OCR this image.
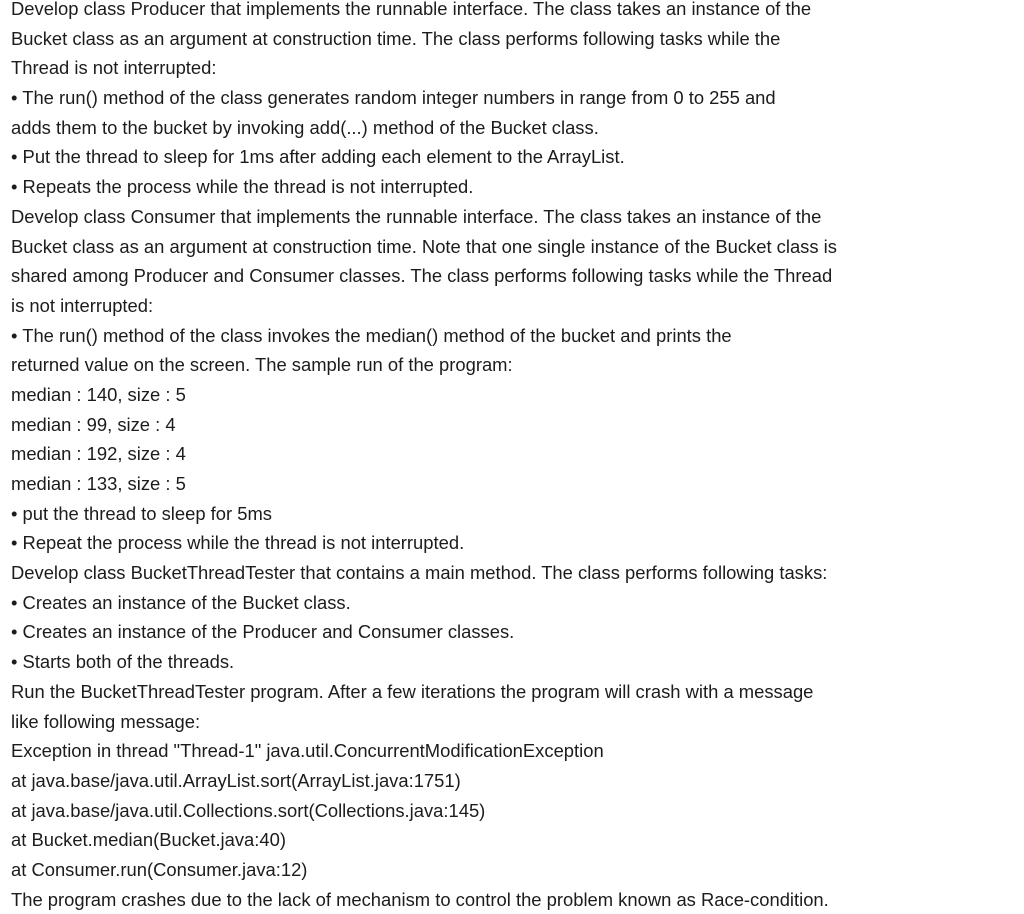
Develop class Producer that implements the runnable interface. The class takes an instance of the

Bucket class as an argument at construction time. The class performs following tasks while the

Thread is not interrupted:

• The run() method of the class generates random integer numbers in range from 0 to 255 and

adds them to the bucket by invoking add(...) method of the Bucket class.

• Put the thread to sleep for 1ms after adding each element to the ArrayList.

• Repeats the process while the thread is not interrupted.

Develop class Consumer that implements the runnable interface. The class takes an instance of the

Bucket class as an argument at construction time. Note that one single instance of the Bucket class is

shared among Producer and Consumer classes. The class performs following tasks while the Thread

is not interrupted:

• The run() method of the class invokes the median() method of the bucket and prints the

returned value on the screen. The sample run of the program:

median : 140, size : 5

median : 99, size : 4

median : 192, size : 4

median : 133, size : 5

• put the thread to sleep for 5ms

• Repeat the process while the thread is not interrupted.

Develop class BucketThreadTester that contains a main method. The class performs following tasks:

• Creates an instance of the Bucket class.

• Creates an instance of the Producer and Consumer classes.

• Starts both of the threads.

Run the BucketThreadTester program. After a few iterations the program will crash with a message

like following message:

Exception in thread "Thread-1" java.util.ConcurrentModificationException

at java.base/java.util.ArrayList.sort(ArrayList.java:1751)

at java.base/java.util.Collections.sort(Collections.java:145)

at Bucket.median(Bucket.java:40)

at Consumer.run(Consumer.java:12)

The program crashes due to the lack of mechanism to control the problem known as Race-condition.
